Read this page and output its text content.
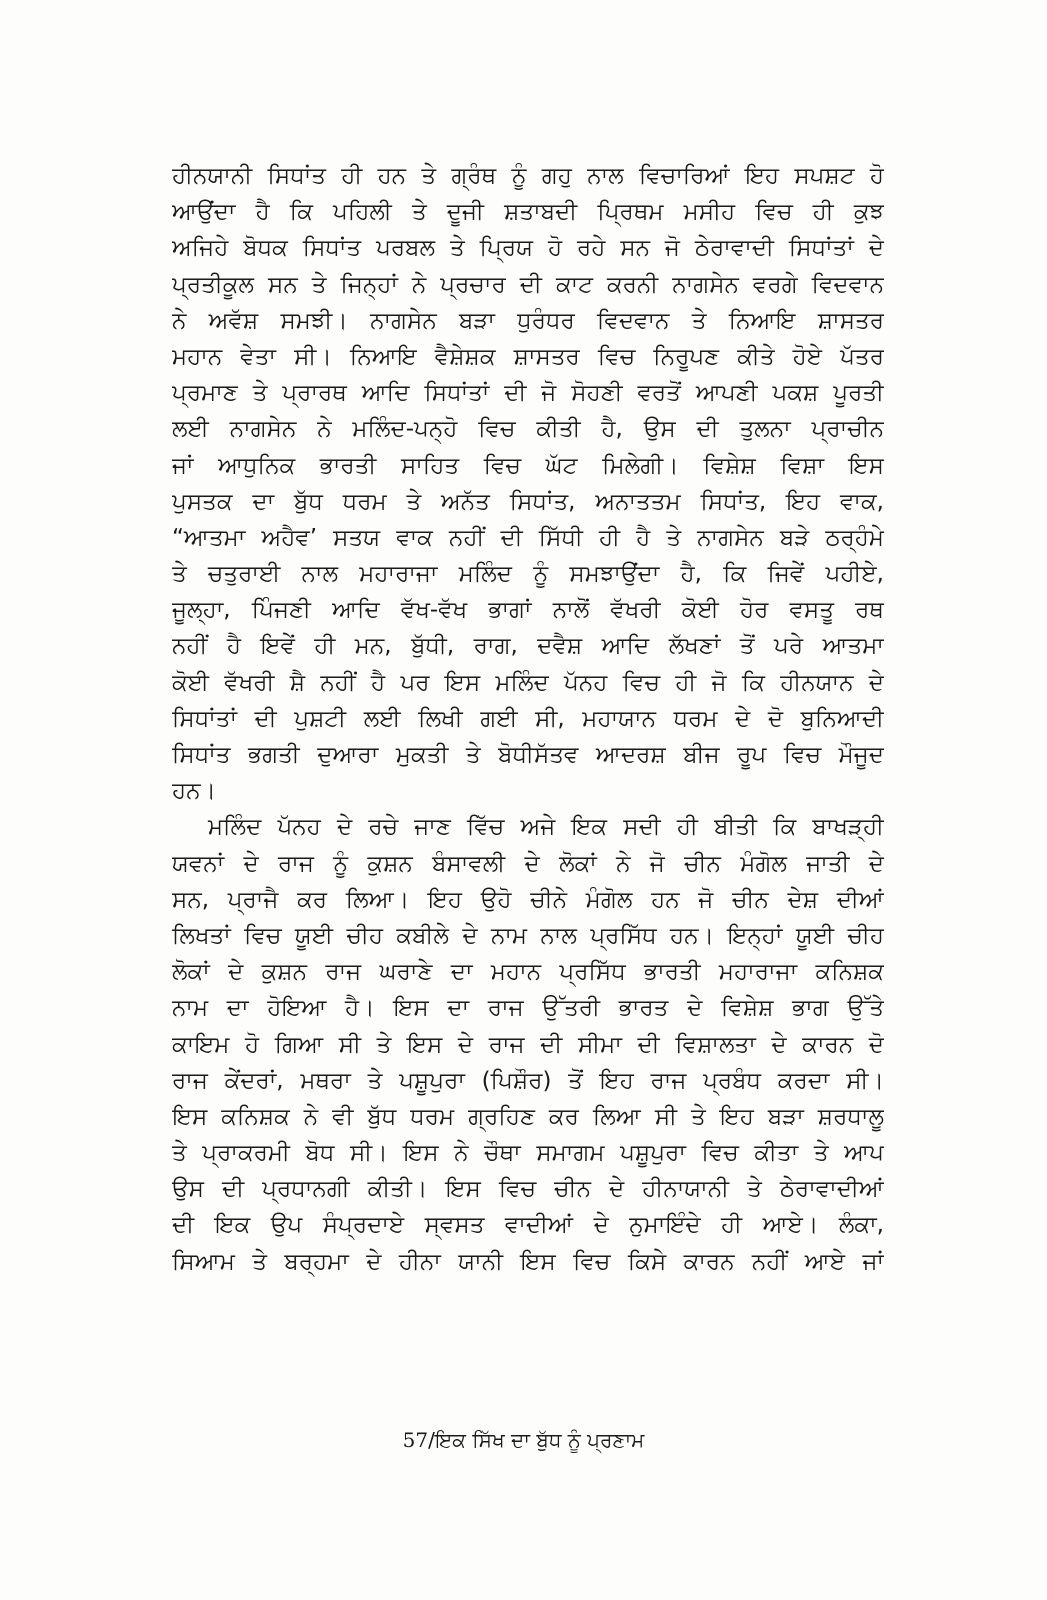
ਹੀਨਯਾਨੀ ਸਿਧਾਂਤ ਹੀ ਹਨ ਤੇ ਗ੍ਰੰਥ ਨੂੰ ਗਹੁ ਨਾਲ ਵਿਚਾਰਿਆਂ ਇਹ ਸਪਸ਼ਟ ਹੋ
ਆਉਂਦਾ ਹੈ ਕਿ ਪਹਿਲੀ ਤੇ ਦੂਜੀ ਸ਼ਤਾਬਦੀ ਪ੍ਰਿਥਮ ਮਸੀਹ ਵਿਚ ਹੀ ਕੁਝ
ਅਜਿਹੇ ਬੋਧਕ ਸਿਧਾਂਤ ਪਰਬਲ ਤੇ ਪ੍ਰਿਯ ਹੋ ਰਹੇ ਸਨ ਜੋ ਠੇਰਾਵਾਦੀ ਸਿਧਾਂਤਾਂ ਦੇ
ਪ੍ਰਤੀਕੂਲ ਸਨ ਤੇ ਜਿਨ੍ਹਾਂ ਨੇ ਪ੍ਰਚਾਰ ਦੀ ਕਾਟ ਕਰਨੀ ਨਾਗਸੇਨ ਵਰਗੇ ਵਿਦਵਾਨ
ਨੇ ਅਵੱਸ਼ ਸਮਝੀ। ਨਾਗਸੇਨ ਬੜਾ ਧੁਰੰਧਰ ਵਿਦਵਾਨ ਤੇ ਨਿਆਇ ਸ਼ਾਸਤਰ
ਮਹਾਨ ਵੇਤਾ ਸੀ। ਨਿਆਇ ਵੈਸ਼ੇਸ਼ਕ ਸ਼ਾਸਤਰ ਵਿਚ ਨਿਰੂਪਣ ਕੀਤੇ ਹੋਏ ਪੱਤਰ
ਪ੍ਰਮਾਣ ਤੇ ਪ੍ਰਾਰਥ ਆਦਿ ਸਿਧਾਂਤਾਂ ਦੀ ਜੋ ਸੋਹਣੀ ਵਰਤੋਂ ਆਪਣੀ ਪਕਸ਼ ਪੂਰਤੀ
ਲਈ ਨਾਗਸੇਨ ਨੇ ਮਲਿੰਦ-ਪਨ੍ਹੋ ਵਿਚ ਕੀਤੀ ਹੈ, ਉਸ ਦੀ ਤੁਲਨਾ ਪ੍ਰਾਚੀਨ
ਜਾਂ ਆਧੁਨਿਕ ਭਾਰਤੀ ਸਾਹਿਤ ਵਿਚ ਘੱਟ ਮਿਲੇਗੀ। ਵਿਸ਼ੇਸ਼ ਵਿਸ਼ਾ ਇਸ
ਪੁਸਤਕ ਦਾ ਬੁੱਧ ਧਰਮ ਤੇ ਅਨੱਤ ਸਿਧਾਂਤ, ਅਨਾਤਤਮ ਸਿਧਾਂਤ, ਇਹ ਵਾਕ,
“ਆਤਮਾ ਅਹੈਵ’ ਸਤਯ ਵਾਕ ਨਹੀਂ ਦੀ ਸਿੱਧੀ ਹੀ ਹੈ ਤੇ ਨਾਗਸੇਨ ਬੜੇ ਠਰ੍ਹੰਮੇ
ਤੇ ਚਤੁਰਾਈ ਨਾਲ ਮਹਾਰਾਜਾ ਮਲਿੰਦ ਨੂੰ ਸਮਝਾਉਂਦਾ ਹੈ, ਕਿ ਜਿਵੇਂ ਪਹੀਏ,
ਜੂਲ੍ਹਾ, ਪਿੰਜਣੀ ਆਦਿ ਵੱਖ-ਵੱਖ ਭਾਗਾਂ ਨਾਲੋਂ ਵੱਖਰੀ ਕੋਈ ਹੋਰ ਵਸਤੂ ਰਥ
ਨਹੀਂ ਹੈ ਇਵੇਂ ਹੀ ਮਨ, ਬੁੱਧੀ, ਰਾਗ, ਦਵੈਸ਼ ਆਦਿ ਲੱਖਣਾਂ ਤੋਂ ਪਰੇ ਆਤਮਾ
ਕੋਈ ਵੱਖਰੀ ਸ਼ੈ ਨਹੀਂ ਹੈ ਪਰ ਇਸ ਮਲਿੰਦ ਪੱਨਹ ਵਿਚ ਹੀ ਜੋ ਕਿ ਹੀਨਯਾਨ ਦੇ
ਸਿਧਾਂਤਾਂ ਦੀ ਪੁਸ਼ਟੀ ਲਈ ਲਿਖੀ ਗਈ ਸੀ, ਮਹਾਯਾਨ ਧਰਮ ਦੇ ਦੋ ਬੁਨਿਆਦੀ
ਸਿਧਾਂਤ ਭਗਤੀ ਦੁਆਰਾ ਮੁਕਤੀ ਤੇ ਬੋਧੀਸੱਤਵ ਆਦਰਸ਼ ਬੀਜ ਰੂਪ ਵਿਚ ਮੌਜੂਦ
ਹਨ।
ਮਲਿੰਦ ਪੱਨਹ ਦੇ ਰਚੇ ਜਾਣ ਵਿੱਚ ਅਜੇ ਇਕ ਸਦੀ ਹੀ ਬੀਤੀ ਕਿ ਬਾਖੜ੍ਹੀ
ਯਵਨਾਂ ਦੇ ਰਾਜ ਨੂੰ ਕੁਸ਼ਨ ਬੰਸਾਵਲੀ ਦੇ ਲੋਕਾਂ ਨੇ ਜੋ ਚੀਨ ਮੰਗੋਲ ਜਾਤੀ ਦੇ
ਸਨ, ਪ੍ਰਾਜੈ ਕਰ ਲਿਆ। ਇਹ ਉਹੋ ਚੀਨੇ ਮੰਗੋਲ ਹਨ ਜੋ ਚੀਨ ਦੇਸ਼ ਦੀਆਂ
ਲਿਖਤਾਂ ਵਿਚ ਯੂਈ ਚੀਹ ਕਬੀਲੇ ਦੇ ਨਾਮ ਨਾਲ ਪ੍ਰਸਿੱਧ ਹਨ। ਇਨ੍ਹਾਂ ਯੂਈ ਚੀਹ
ਲੋਕਾਂ ਦੇ ਕੁਸ਼ਨ ਰਾਜ ਘਰਾਣੇ ਦਾ ਮਹਾਨ ਪ੍ਰਸਿੱਧ ਭਾਰਤੀ ਮਹਾਰਾਜਾ ਕਨਿਸ਼ਕ
ਨਾਮ ਦਾ ਹੋਇਆ ਹੈ। ਇਸ ਦਾ ਰਾਜ ਉੱਤਰੀ ਭਾਰਤ ਦੇ ਵਿਸ਼ੇਸ਼ ਭਾਗ ਉੱਤੇ
ਕਾਇਮ ਹੋ ਗਿਆ ਸੀ ਤੇ ਇਸ ਦੇ ਰਾਜ ਦੀ ਸੀਮਾ ਦੀ ਵਿਸ਼ਾਲਤਾ ਦੇ ਕਾਰਨ ਦੋ
ਰਾਜ ਕੇਂਦਰਾਂ, ਮਥਰਾ ਤੇ ਪਸ਼ੂਪੁਰਾ (ਪਿਸ਼ੌਰ) ਤੋਂ ਇਹ ਰਾਜ ਪ੍ਰਬੰਧ ਕਰਦਾ ਸੀ।
ਇਸ ਕਨਿਸ਼ਕ ਨੇ ਵੀ ਬੁੱਧ ਧਰਮ ਗ੍ਰਹਿਣ ਕਰ ਲਿਆ ਸੀ ਤੇ ਇਹ ਬੜਾ ਸ਼ਰਧਾਲੂ
ਤੇ ਪ੍ਰਾਕਰਮੀ ਬੋਧ ਸੀ। ਇਸ ਨੇ ਚੌਥਾ ਸਮਾਗਮ ਪਸ਼ੂਪੁਰਾ ਵਿਚ ਕੀਤਾ ਤੇ ਆਪ
ਉਸ ਦੀ ਪ੍ਰਧਾਨਗੀ ਕੀਤੀ। ਇਸ ਵਿਚ ਚੀਨ ਦੇ ਹੀਨਾਯਾਨੀ ਤੇ ਠੇਰਾਵਾਦੀਆਂ
ਦੀ ਇਕ ਉਪ ਸੰਪ੍ਰਦਾਏ ਸ੍ਵਸਤ ਵਾਦੀਆਂ ਦੇ ਨੁਮਾਇੰਦੇ ਹੀ ਆਏ। ਲੰਕਾ,
ਸਿਆਮ ਤੇ ਬਰ੍ਹਮਾ ਦੇ ਹੀਨਾ ਯਾਨੀ ਇਸ ਵਿਚ ਕਿਸੇ ਕਾਰਨ ਨਹੀਂ ਆਏ ਜਾਂ
57/ਇਕ ਸਿੱਖ ਦਾ ਬੁੱਧ ਨੂੰ ਪ੍ਰਣਾਮ
